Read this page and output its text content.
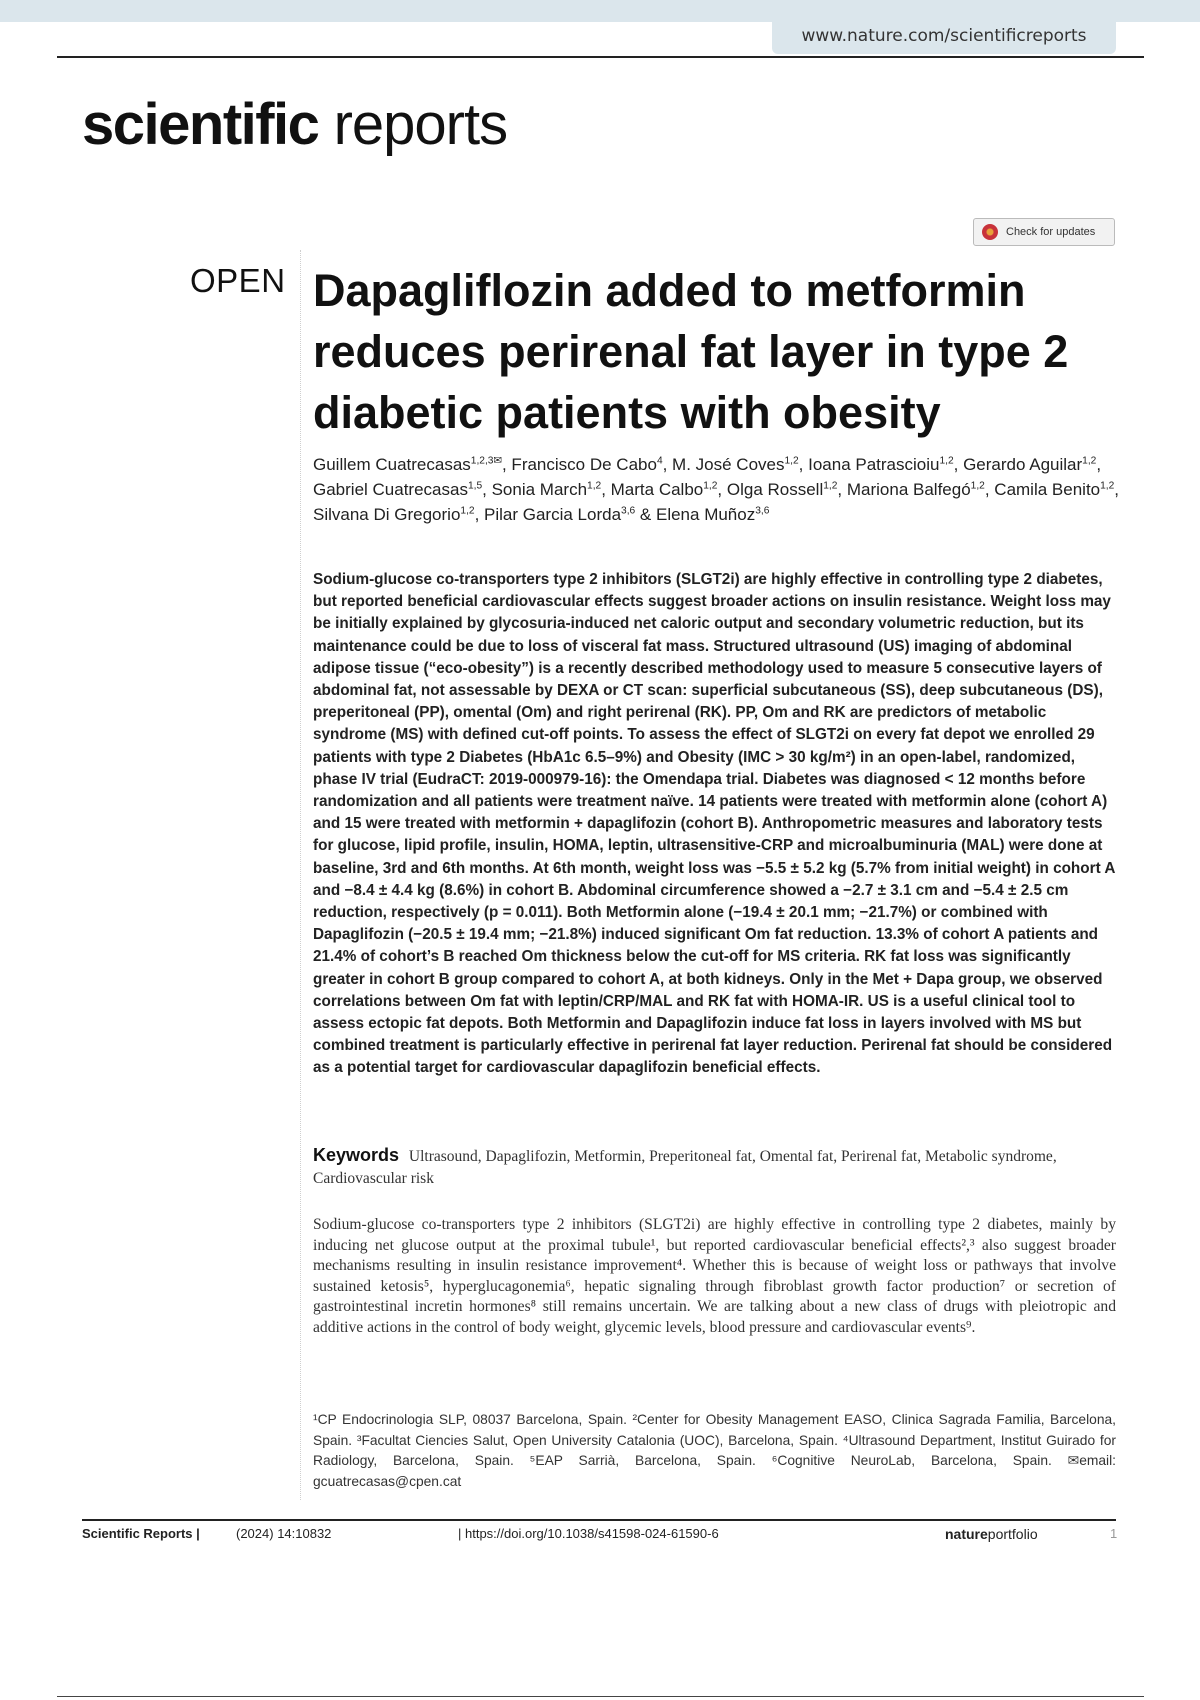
www.nature.com/scientificreports
scientific reports
Check for updates
OPEN Dapagliflozin added to metformin reduces perirenal fat layer in type 2 diabetic patients with obesity

Guillem Cuatrecasas$^{1,2,3✉}$, Francisco De Cabo$^4$, M. José Coves$^{1,2}$, Ioana Patrascioiu$^{1,2}$, Gerardo Aguilar$^{1,2}$, Gabriel Cuatrecasas$^{1,5}$, Sonia March$^{1,2}$, Marta Calbo$^{1,2}$, Olga Rossell$^{1,2}$, Mariona Balfegó$^{1,2}$, Camila Benito$^{1,2}$, Silvana Di Gregorio$^{1,2}$, Pilar Garcia Lorda$^{3,6}$ & Elena Muñoz$^{3,6}$

Sodium-glucose co-transporters type 2 inhibitors (SLGT2i) are highly effective in controlling type 2 diabetes, but reported beneficial cardiovascular effects suggest broader actions on insulin resistance. Weight loss may be initially explained by glycosuria-induced net caloric output and secondary volumetric reduction, but its maintenance could be due to loss of visceral fat mass. Structured ultrasound (US) imaging of abdominal adipose tissue (“eco-obesity”) is a recently described methodology used to measure 5 consecutive layers of abdominal fat, not assessable by DEXA or CT scan: superficial subcutaneous (SS), deep subcutaneous (DS), preperitoneal (PP), omental (Om) and right perirenal (RK). PP, Om and RK are predictors of metabolic syndrome (MS) with defined cut-off points. To assess the effect of SLGT2i on every fat depot we enrolled 29 patients with type 2 Diabetes (HbA1c 6.5–9%) and Obesity (IMC > 30 kg/m²) in an open-label, randomized, phase IV trial (EudraCT: 2019-000979-16): the Omendapa trial. Diabetes was diagnosed < 12 months before randomization and all patients were treatment naïve. 14 patients were treated with metformin alone (cohort A) and 15 were treated with metformin + dapaglifozin (cohort B). Anthropometric measures and laboratory tests for glucose, lipid profile, insulin, HOMA, leptin, ultrasensitive-CRP and microalbuminuria (MAL) were done at baseline, 3rd and 6th months. At 6th month, weight loss was −5.5 ± 5.2 kg (5.7% from initial weight) in cohort A and −8.4 ± 4.4 kg (8.6%) in cohort B. Abdominal circumference showed a −2.7 ± 3.1 cm and −5.4 ± 2.5 cm reduction, respectively (p = 0.011). Both Metformin alone (−19.4 ± 20.1 mm; −21.7%) or combined with Dapaglifozin (−20.5 ± 19.4 mm; −21.8%) induced significant Om fat reduction. 13.3% of cohort A patients and 21.4% of cohort’s B reached Om thickness below the cut-off for MS criteria. RK fat loss was significantly greater in cohort B group compared to cohort A, at both kidneys. Only in the Met + Dapa group, we observed correlations between Om fat with leptin/CRP/MAL and RK fat with HOMA-IR. US is a useful clinical tool to assess ectopic fat depots. Both Metformin and Dapaglifozin induce fat loss in layers involved with MS but combined treatment is particularly effective in perirenal fat layer reduction. Perirenal fat should be considered as a potential target for cardiovascular dapaglifozin beneficial effects.

Keywords Ultrasound, Dapaglifozin, Metformin, Preperitoneal fat, Omental fat, Perirenal fat, Metabolic syndrome, Cardiovascular risk

Sodium-glucose co-transporters type 2 inhibitors (SLGT2i) are highly effective in controlling type 2 diabetes, mainly by inducing net glucose output at the proximal tubule¹, but reported cardiovascular beneficial effects²,³ also suggest broader mechanisms resulting in insulin resistance improvement⁴. Whether this is because of weight loss or pathways that involve sustained ketosis⁵, hyperglucagonemia⁶, hepatic signaling through fibroblast growth factor production⁷ or secretion of gastrointestinal incretin hormones⁸ still remains uncertain. We are talking about a new class of drugs with pleiotropic and additive actions in the control of body weight, glycemic levels, blood pressure and cardiovascular events⁹.

¹CP Endocrinologia SLP, 08037 Barcelona, Spain. ²Center for Obesity Management EASO, Clinica Sagrada Familia, Barcelona, Spain. ³Facultat Ciencies Salut, Open University Catalonia (UOC), Barcelona, Spain. ⁴Ultrasound Department, Institut Guirado for Radiology, Barcelona, Spain. ⁵EAP Sarrià, Barcelona, Spain. ⁶Cognitive NeuroLab, Barcelona, Spain. ✉email: gcuatrecasas@cpen.cat

Scientific Reports |	(2024) 14:10832	| https://doi.org/10.1038/s41598-024-61590-6	natureportfolio	1
